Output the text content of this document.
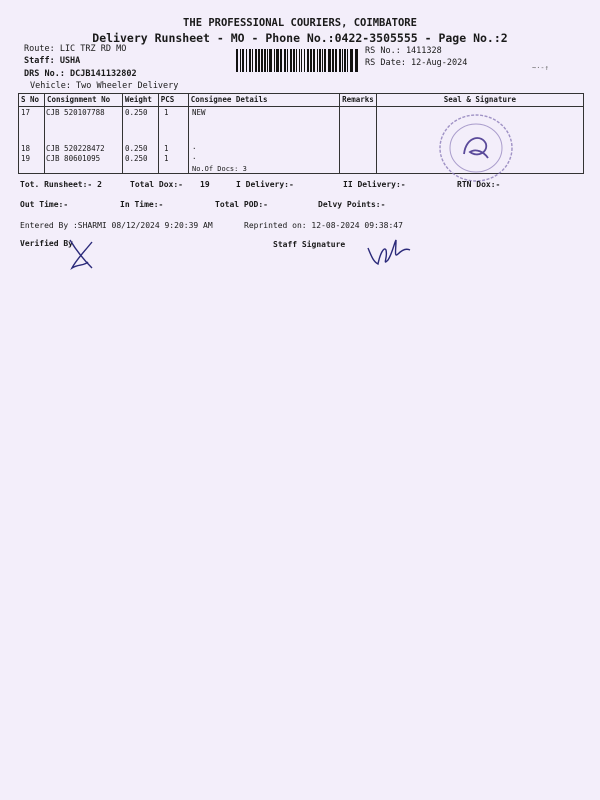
THE PROFESSIONAL COURIERS, COIMBATORE
Delivery Runsheet - MO - Phone No.:0422-3505555 - Page No.:2
Route: LIC TRZ RD MO
Staff: USHA
DRS No.: DCJB141132802
Vehicle: Two Wheeler Delivery
RS No.: 1411328
RS Date: 12-Aug-2024	~·-↑
S No	Consignment No	Weight	PCS	Consignee Details	Remarks	Seal & Signature

17 CJB 520107788	0.250 1	NEW
18 CJB 520228472	0.250 1	.
19 CJB 80601095	0.250 1	.
No.Of Docs: 3
Tot. Runsheet:- 2	Total Dox:- 19	I Delivery:-	II Delivery:-	RTN Dox:-
Out Time:-	In Time:-	Total POD:-	Delvy Points:-
Entered By :SHARMI 08/12/2024 9:20:39 AM	Reprinted on: 12-08-2024 09:38:47
Verified By	Staff Signature
